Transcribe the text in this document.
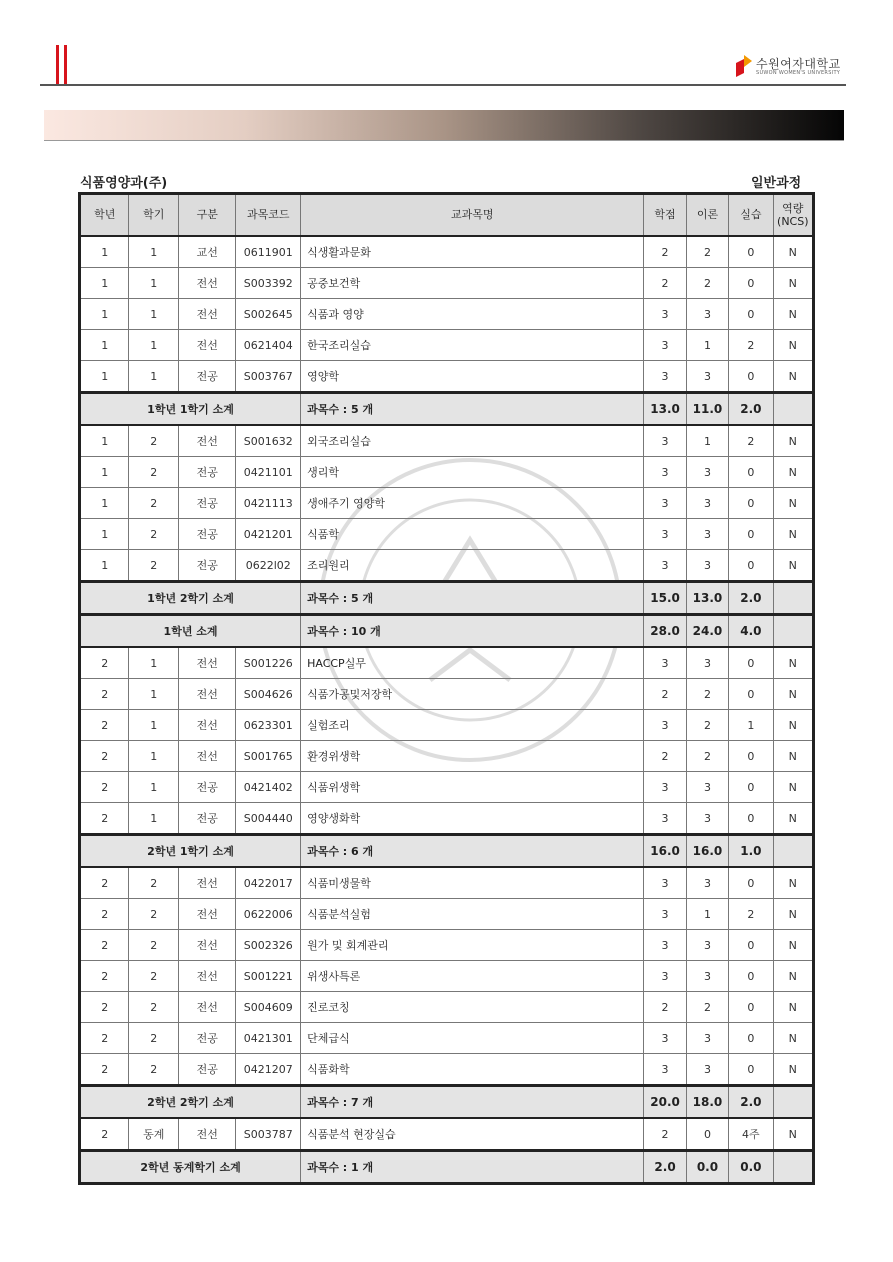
수원여자대학교
SUWON WOMEN'S UNIVERSITY
식품영양과(주)	일반과정
학년	학기	구분	과목코드	교과목명	학점	이론	실습	역량
(NCS)
1	1	교선	0611901	식생활과문화	2	2	0	N
1	1	전선	S003392	공중보건학	2	2	0	N
1	1	전선	S002645	식품과 영양	3	3	0	N
1	1	전선	0621404	한국조리실습	3	1	2	N
1	1	전공	S003767	영양학	3	3	0	N
1학년 1학기 소계				과목수 : 5 개	13.0	11.0	2.0	
1	2	전선	S001632	외국조리실습	3	1	2	N
1	2	전공	0421101	생리학	3	3	0	N
1	2	전공	0421113	생애주기 영양학	3	3	0	N
1	2	전공	0421201	식품학	3	3	0	N
1	2	전공	0622l02	조리원리	3	3	0	N
1학년 2학기 소계				과목수 : 5 개	15.0	13.0	2.0	
1학년 소계				과목수 : 10 개	28.0	24.0	4.0	
2	1	전선	S001226	HACCP실무	3	3	0	N
2	1	전선	S004626	식품가공및저장학	2	2	0	N
2	1	전선	0623301	실험조리	3	2	1	N
2	1	전선	S001765	환경위생학	2	2	0	N
2	1	전공	0421402	식품위생학	3	3	0	N
2	1	전공	S004440	영양생화학	3	3	0	N
2학년 1학기 소계				과목수 : 6 개	16.0	16.0	1.0	
2	2	전선	0422017	식품미생물학	3	3	0	N
2	2	전선	0622006	식품분석실험	3	1	2	N
2	2	전선	S002326	원가 및 회계관리	3	3	0	N
2	2	전선	S001221	위생사특론	3	3	0	N
2	2	전선	S004609	진로코칭	2	2	0	N
2	2	전공	0421301	단체급식	3	3	0	N
2	2	전공	0421207	식품화학	3	3	0	N
2학년 2학기 소계				과목수 : 7 개	20.0	18.0	2.0	
2	동계	전선	S003787	식품분석 현장실습	2	0	4주	N
2학년 동계학기 소계				과목수 : 1 개	2.0	0.0	0.0	
